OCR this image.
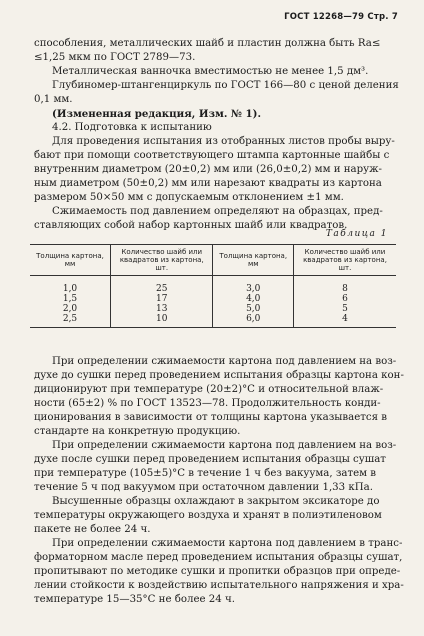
ГОСТ 12268—79 Стр. 7
способления, металлических шайб и пластин должна быть Ra≤
≤1,25 мкм по ГОСТ 2789—73.
Металлическая ванночка вместимостью не менее 1,5 дм³.
Глубиномер-штангенциркуль по ГОСТ 166—80 с ценой деления
0,1 мм.
(Измененная редакция, Изм. № 1).
4.2. Подготовка к испытанию
Для проведения испытания из отобранных листов пробы выру-
бают при помощи соответствующего штампа картонные шайбы с
внутренним диаметром (20±0,2) мм или (26,0±0,2) мм и наруж-
ным диаметром (50±0,2) мм или нарезают квадраты из картона
размером 50×50 мм с допускаемым отклонением ±1 мм.
Сжимаемость под давлением определяют на образцах, пред-
ставляющих собой набор картонных шайб или квадратов.
Таблица 1
Толщина картона, мм	Количество шайб или квадратов из картона, шт.	Толщина картона, мм	Количество шайб или квадратов из картона, шт.
1,0	25	3,0	8
1,5	17	4,0	6
2,0	13	5,0	5
2,5	10	6,0	4
При определении сжимаемости картона под давлением на воз-
духе до сушки перед проведением испытания образцы картона кон-
диционируют при температуре (20±2)°C и относительной влаж-
ности (65±2) % по ГОСТ 13523—78. Продолжительность конди-
ционирования в зависимости от толщины картона указывается в
стандарте на конкретную продукцию.
При определении сжимаемости картона под давлением на воз-
духе после сушки перед проведением испытания образцы сушат
при температуре (105±5)°C в течение 1 ч без вакуума, затем в
течение 5 ч под вакуумом при остаточном давлении 1,33 кПа.
Высушенные образцы охлаждают в закрытом эксикаторе до
температуры окружающего воздуха и хранят в полиэтиленовом
пакете не более 24 ч.
При определении сжимаемости картона под давлением в транс-
форматорном масле перед проведением испытания образцы сушат,
пропитывают по методике сушки и пропитки образцов при опреде-
лении стойкости к воздействию испытательного напряжения и хра-
температуре 15—35°C не более 24 ч.
